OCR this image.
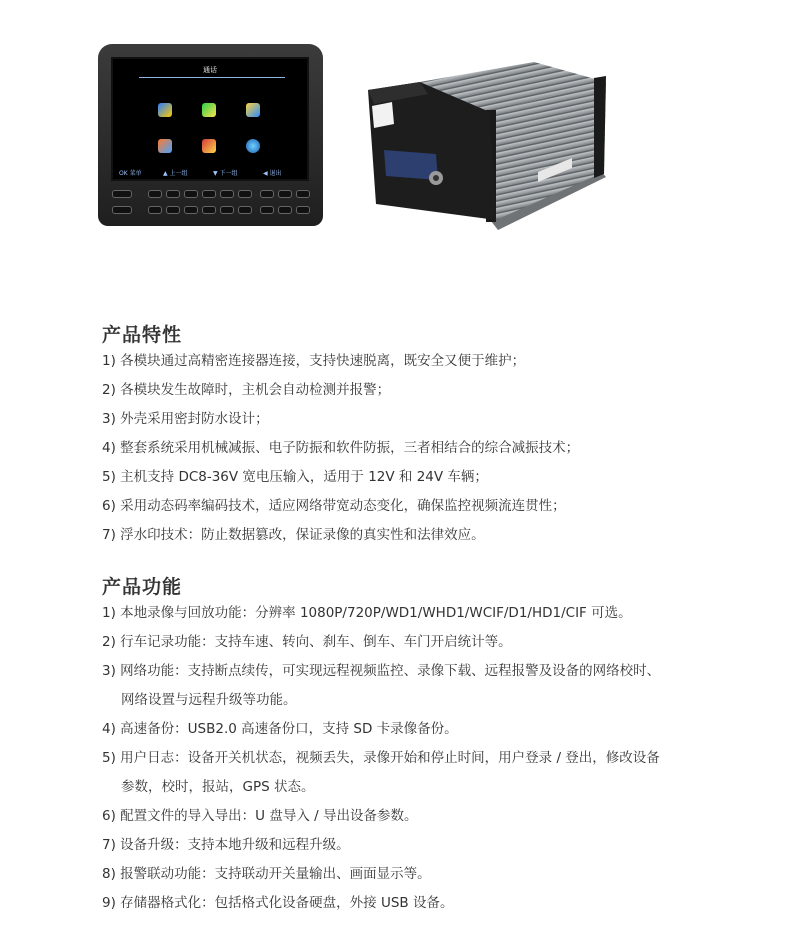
通话
OK 菜单	▲ 上一组	▼ 下一组	◀ 退出
产品特性
1) 各模块通过高精密连接器连接，支持快速脱离，既安全又便于维护；
2) 各模块发生故障时，主机会自动检测并报警；
3) 外壳采用密封防水设计；
4) 整套系统采用机械减振、电子防振和软件防振，三者相结合的综合减振技术；
5) 主机支持 DC8-36V 宽电压输入，适用于 12V 和 24V 车辆；
6) 采用动态码率编码技术，适应网络带宽动态变化，确保监控视频流连贯性；
7) 浮水印技术：防止数据篡改，保证录像的真实性和法律效应。
产品功能
1) 本地录像与回放功能：分辨率 1080P/720P/WD1/WHD1/WCIF/D1/HD1/CIF 可选。
2) 行车记录功能：支持车速、转向、刹车、倒车、车门开启统计等。
3) 网络功能：支持断点续传，可实现远程视频监控、录像下载、远程报警及设备的网络校时、
网络设置与远程升级等功能。
4) 高速备份：USB2.0 高速备份口，支持 SD 卡录像备份。
5) 用户日志：设备开关机状态，视频丢失，录像开始和停止时间，用户登录 / 登出，修改设备
参数，校时，报站，GPS 状态。
6) 配置文件的导入导出：U 盘导入 / 导出设备参数。
7) 设备升级：支持本地升级和远程升级。
8) 报警联动功能：支持联动开关量输出、画面显示等。
9) 存储器格式化：包括格式化设备硬盘，外接 USB 设备。
